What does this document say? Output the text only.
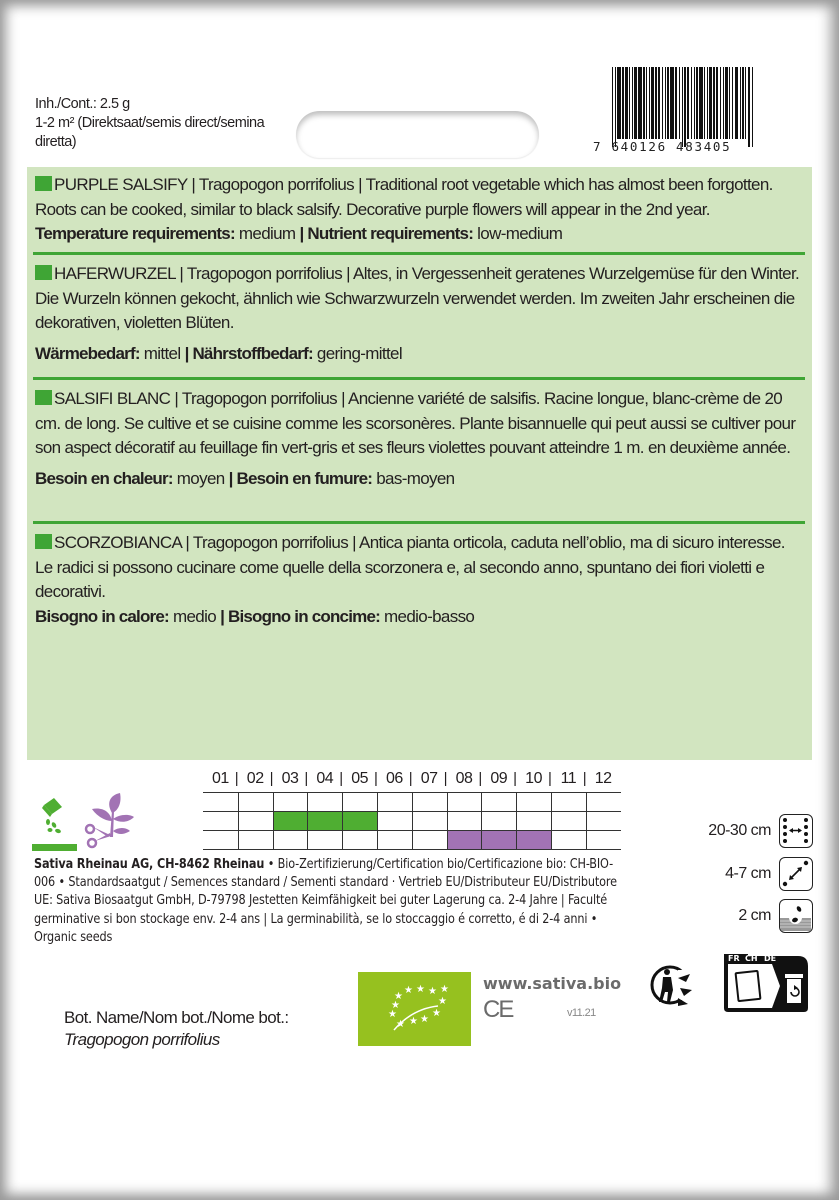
Inh./Cont.: 2.5 g
1-2 m² (Direktsaat/semis direct/semina diretta)	7 640126 483405
PURPLE SALSIFY | Tragopogon porrifolius | Traditional root vegetable which has almost been forgotten. Roots can be cooked, similar to black salsify. Decorative purple flowers will appear in the 2nd year.
Temperature requirements: medium | Nutrient requirements: low-medium
HAFERWURZEL | Tragopogon porrifolius | Altes, in Vergessenheit geratenes Wurzelgemüse für den Winter. Die Wurzeln können gekocht, ähnlich wie Schwarzwurzeln verwendet werden. Im zweiten Jahr erscheinen die dekorativen, violetten Blüten.
Wärmebedarf: mittel | Nährstoffbedarf: gering-mittel
SALSIFI BLANC | Tragopogon porrifolius | Ancienne variété de salsifis. Racine longue, blanc-crème de 20 cm. de long. Se cultive et se cuisine comme les scorsonères. Plante bisannuelle qui peut aussi se cultiver pour son aspect décoratif au feuillage fin vert-gris et ses fleurs violettes pouvant atteindre 1 m. en deuxième année.
Besoin en chaleur: moyen | Besoin en fumure: bas-moyen
SCORZOBIANCA | Tragopogon porrifolius | Antica pianta orticola, caduta nell’oblio, ma di sicuro interesse. Le radici si possono cucinare come quelle della scorzonera e, al secondo anno, spuntano dei fiori violetti e decorativi.
Bisogno in calore: medio | Bisogno in concime: medio-basso
01	| 02	| 03	| 04	| 05	| 06	| 07	| 08	| 09	| 10	| 11	| 12
20-30 cm
4-7 cm
2 cm
Sativa Rheinau AG, CH-8462 Rheinau • Bio-Zertifizierung/Certification bio/Certificazione bio: CH-BIO-006 • Standardsaatgut / Semences standard / Sementi standard · Vertrieb EU/Distributeur EU/Distributore UE: Sativa Biosaatgut GmbH, D-79798 Jestetten Keimfähigkeit bei guter Lagerung ca. 2-4 Jahre | Faculté germinative si bon stockage env. 2-4 ans | La germinabilità, se lo stoccaggio é corretto, é di 2-4 anni • Organic seeds
Bot. Name/Nom bot./Nome bot.:
Tragopogon porrifolius
★
★ ★ ★ ★
★
★
★
★
★
★
★
www.sativa.bio
CE	v11.21
FR CH DE
